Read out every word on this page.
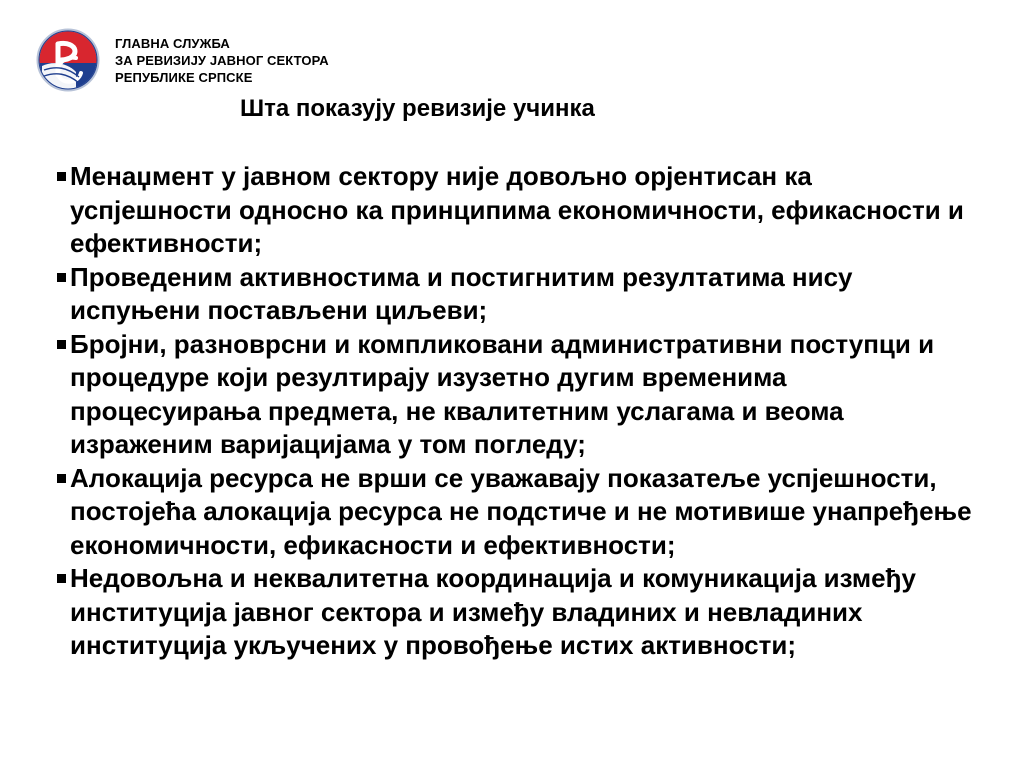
ГЛАВНА СЛУЖБА
ЗА РЕВИЗИЈУ ЈАВНОГ СЕКТОРА
РЕПУБЛИКЕ СРПСКЕ
Шта показују ревизије учинка
Менаџмент у јавном сектору није довољно орјентисан ка успјешности односно ка принципима економичности, ефикасности и ефективности;
Проведеним активностима и постигнитим резултатима нису испуњени постављени циљеви;
Бројни, разноврсни и компликовани административни поступци и процедуре који резултирају изузетно дугим временима процесуирања предмета, не квалитетним услагама и веома израженим варијацијама у том погледу;
Алокација ресурса не врши се уважавају показатеље успјешности, постојећа алокација ресурса не подстиче и не мотивише унапређење економичности, ефикасности и ефективности;
Недовољна и неквалитетна координација и комуникација између институција јавног сектора и између владиних и невладиних институција укључених у провођење истих активности;
